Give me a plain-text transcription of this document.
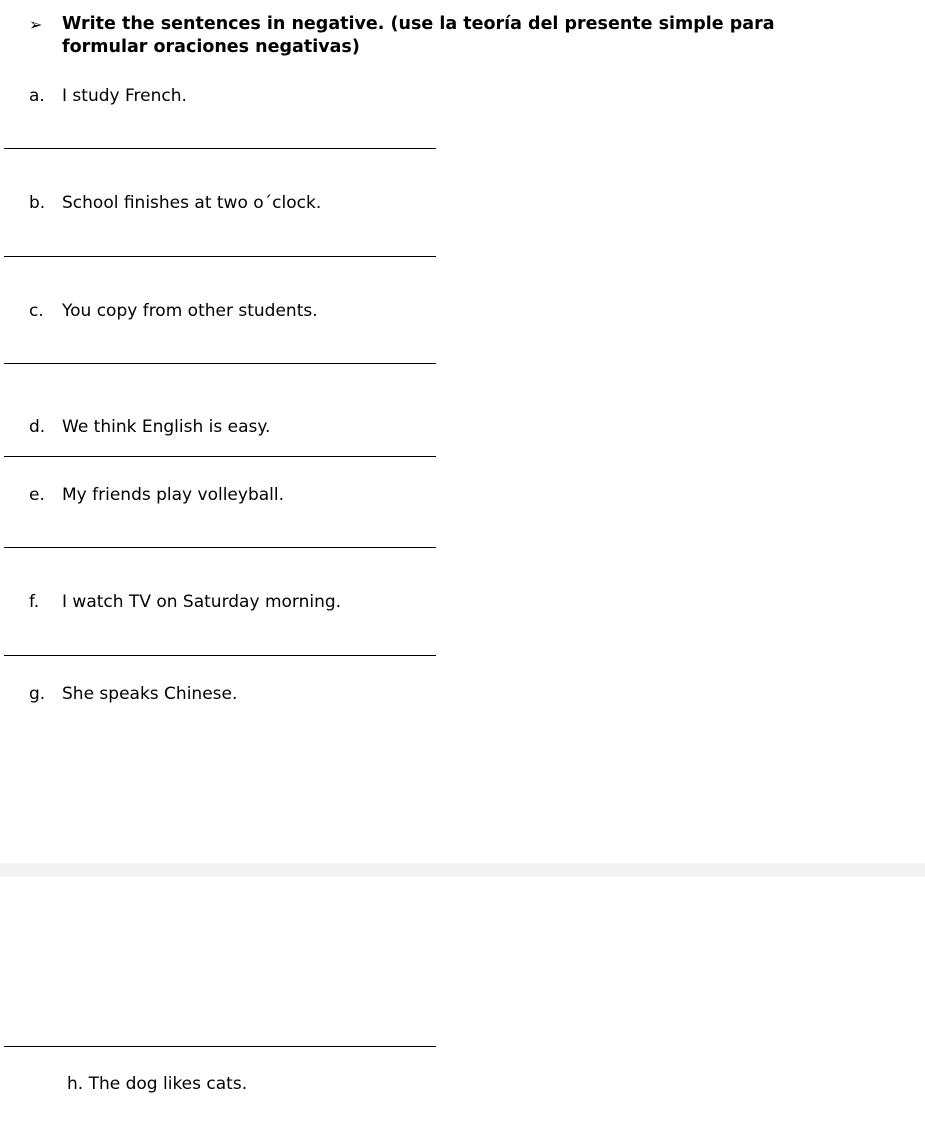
➢ Write the sentences in negative. (use la teoría del presente simple para formular oraciones negativas)
a. I study French.
b. School finishes at two o´clock.
c. You copy from other students.
d. We think English is easy.
e. My friends play volleyball.
f. I watch TV on Saturday morning.
g. She speaks Chinese.
h. The dog likes cats.
